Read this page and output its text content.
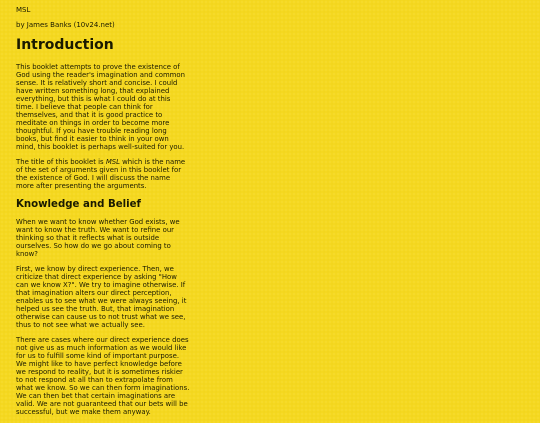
MSL

by James Banks (10v24.net)

Introduction

This booklet attempts to prove the existence of God using the reader's imagination and common sense. It is relatively short and concise. I could have written something long, that explained everything, but this is what I could do at this time. I believe that people can think for themselves, and that it is good practice to meditate on things in order to become more thoughtful. If you have trouble reading long books, but find it easier to think in your own mind, this booklet is perhaps well-suited for you.

The title of this booklet is MSL which is the name of the set of arguments given in this booklet for the existence of God. I will discuss the name more after presenting the arguments.

Knowledge and Belief

When we want to know whether God exists, we want to know the truth. We want to refine our thinking so that it reflects what is outside ourselves. So how do we go about coming to know?

First, we know by direct experience. Then, we criticize that direct experience by asking "How can we know X?". We try to imagine otherwise. If that imagination alters our direct perception, enables us to see what we were always seeing, it helped us see the truth. But, that imagination otherwise can cause us to not trust what we see, thus to not see what we actually see.

There are cases where our direct experience does not give us as much information as we would like for us to fulfill some kind of important purpose. We might like to have perfect knowledge before we respond to reality, but it is sometimes riskier to not respond at all than to extrapolate from what we know. So we can then form imaginations. We can then bet that certain imaginations are valid. We are not guaranteed that our bets will be successful, but we make them anyway.
